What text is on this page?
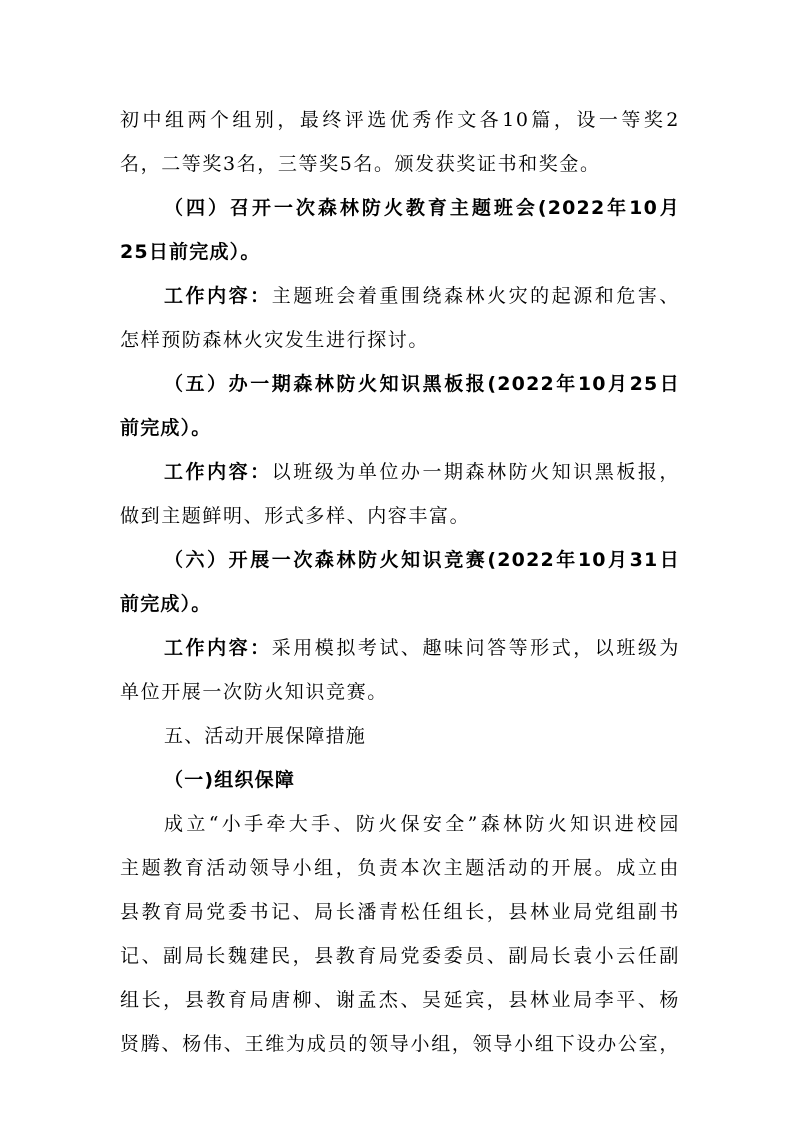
初中组两个组别，最终评选优秀作文各10篇，设一等奖2
名，二等奖3名，三等奖5名。颁发获奖证书和奖金。
（四）召开一次森林防火教育主题班会(2022年10月
25日前完成）。
工作内容：主题班会着重围绕森林火灾的起源和危害、
怎样预防森林火灾发生进行探讨。
（五）办一期森林防火知识黑板报(2022年10月25日
前完成）。
工作内容：以班级为单位办一期森林防火知识黑板报，
做到主题鲜明、形式多样、内容丰富。
（六）开展一次森林防火知识竞赛(2022年10月31日
前完成）。
工作内容：采用模拟考试、趣味问答等形式，以班级为
单位开展一次防火知识竞赛。
五、活动开展保障措施
（一)组织保障
成立“小手牵大手、防火保安全”森林防火知识进校园
主题教育活动领导小组，负责本次主题活动的开展。成立由
县教育局党委书记、局长潘青松任组长，县林业局党组副书
记、副局长魏建民，县教育局党委委员、副局长袁小云任副
组长，县教育局唐柳、谢孟杰、吴延宾，县林业局李平、杨
贤腾、杨伟、王维为成员的领导小组，领导小组下设办公室，
